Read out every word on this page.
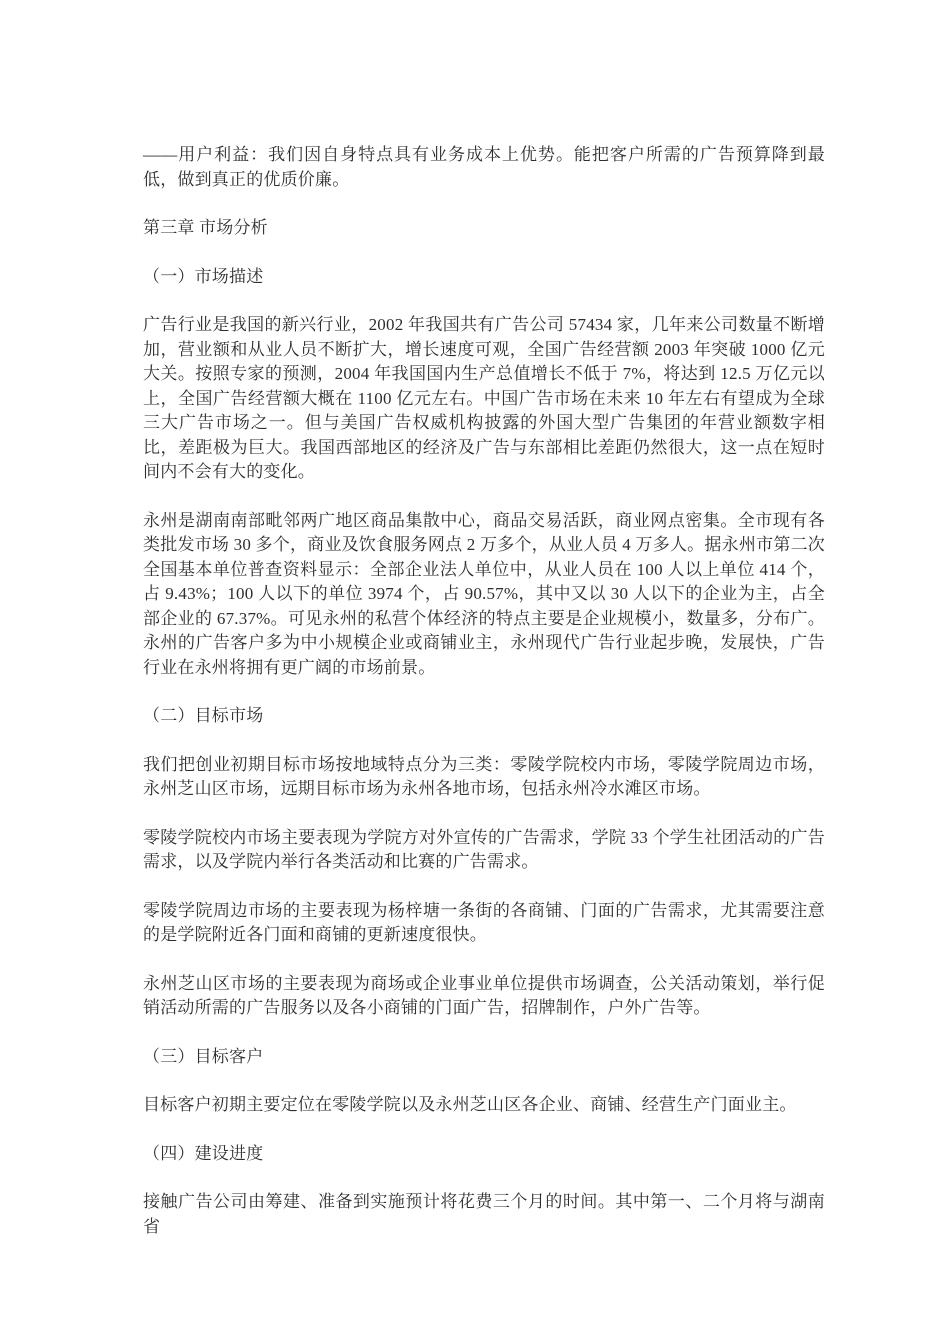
——用户利益：我们因自身特点具有业务成本上优势。能把客户所需的广告预算降到最低，做到真正的优质价廉。

第三章 市场分析

（一）市场描述

广告行业是我国的新兴行业，2002 年我国共有广告公司 57434 家，几年来公司数量不断增加，营业额和从业人员不断扩大，增长速度可观，全国广告经营额 2003 年突破 1000 亿元大关。按照专家的预测，2004 年我国国内生产总值增长不低于 7%，将达到 12.5 万亿元以上，全国广告经营额大概在 1100 亿元左右。中国广告市场在未来 10 年左右有望成为全球三大广告市场之一。但与美国广告权威机构披露的外国大型广告集团的年营业额数字相比，差距极为巨大。我国西部地区的经济及广告与东部相比差距仍然很大，这一点在短时间内不会有大的变化。

永州是湖南南部毗邻两广地区商品集散中心，商品交易活跃，商业网点密集。全市现有各类批发市场 30 多个，商业及饮食服务网点 2 万多个，从业人员 4 万多人。据永州市第二次全国基本单位普查资料显示：全部企业法人单位中，从业人员在 100 人以上单位 414 个，占 9.43%；100 人以下的单位 3974 个，占 90.57%，其中又以 30 人以下的企业为主，占全部企业的 67.37%。可见永州的私营个体经济的特点主要是企业规模小，数量多，分布广。永州的广告客户多为中小规模企业或商铺业主，永州现代广告行业起步晚，发展快，广告行业在永州将拥有更广阔的市场前景。

（二）目标市场

我们把创业初期目标市场按地域特点分为三类：零陵学院校内市场，零陵学院周边市场，永州芝山区市场，远期目标市场为永州各地市场，包括永州冷水滩区市场。

零陵学院校内市场主要表现为学院方对外宣传的广告需求，学院 33 个学生社团活动的广告需求，以及学院内举行各类活动和比赛的广告需求。

零陵学院周边市场的主要表现为杨梓塘一条街的各商铺、门面的广告需求，尤其需要注意的是学院附近各门面和商铺的更新速度很快。

永州芝山区市场的主要表现为商场或企业事业单位提供市场调查，公关活动策划，举行促销活动所需的广告服务以及各小商铺的门面广告，招牌制作，户外广告等。

（三）目标客户

目标客户初期主要定位在零陵学院以及永州芝山区各企业、商铺、经营生产门面业主。

（四）建设进度

接触广告公司由筹建、准备到实施预计将花费三个月的时间。其中第一、二个月将与湖南省
